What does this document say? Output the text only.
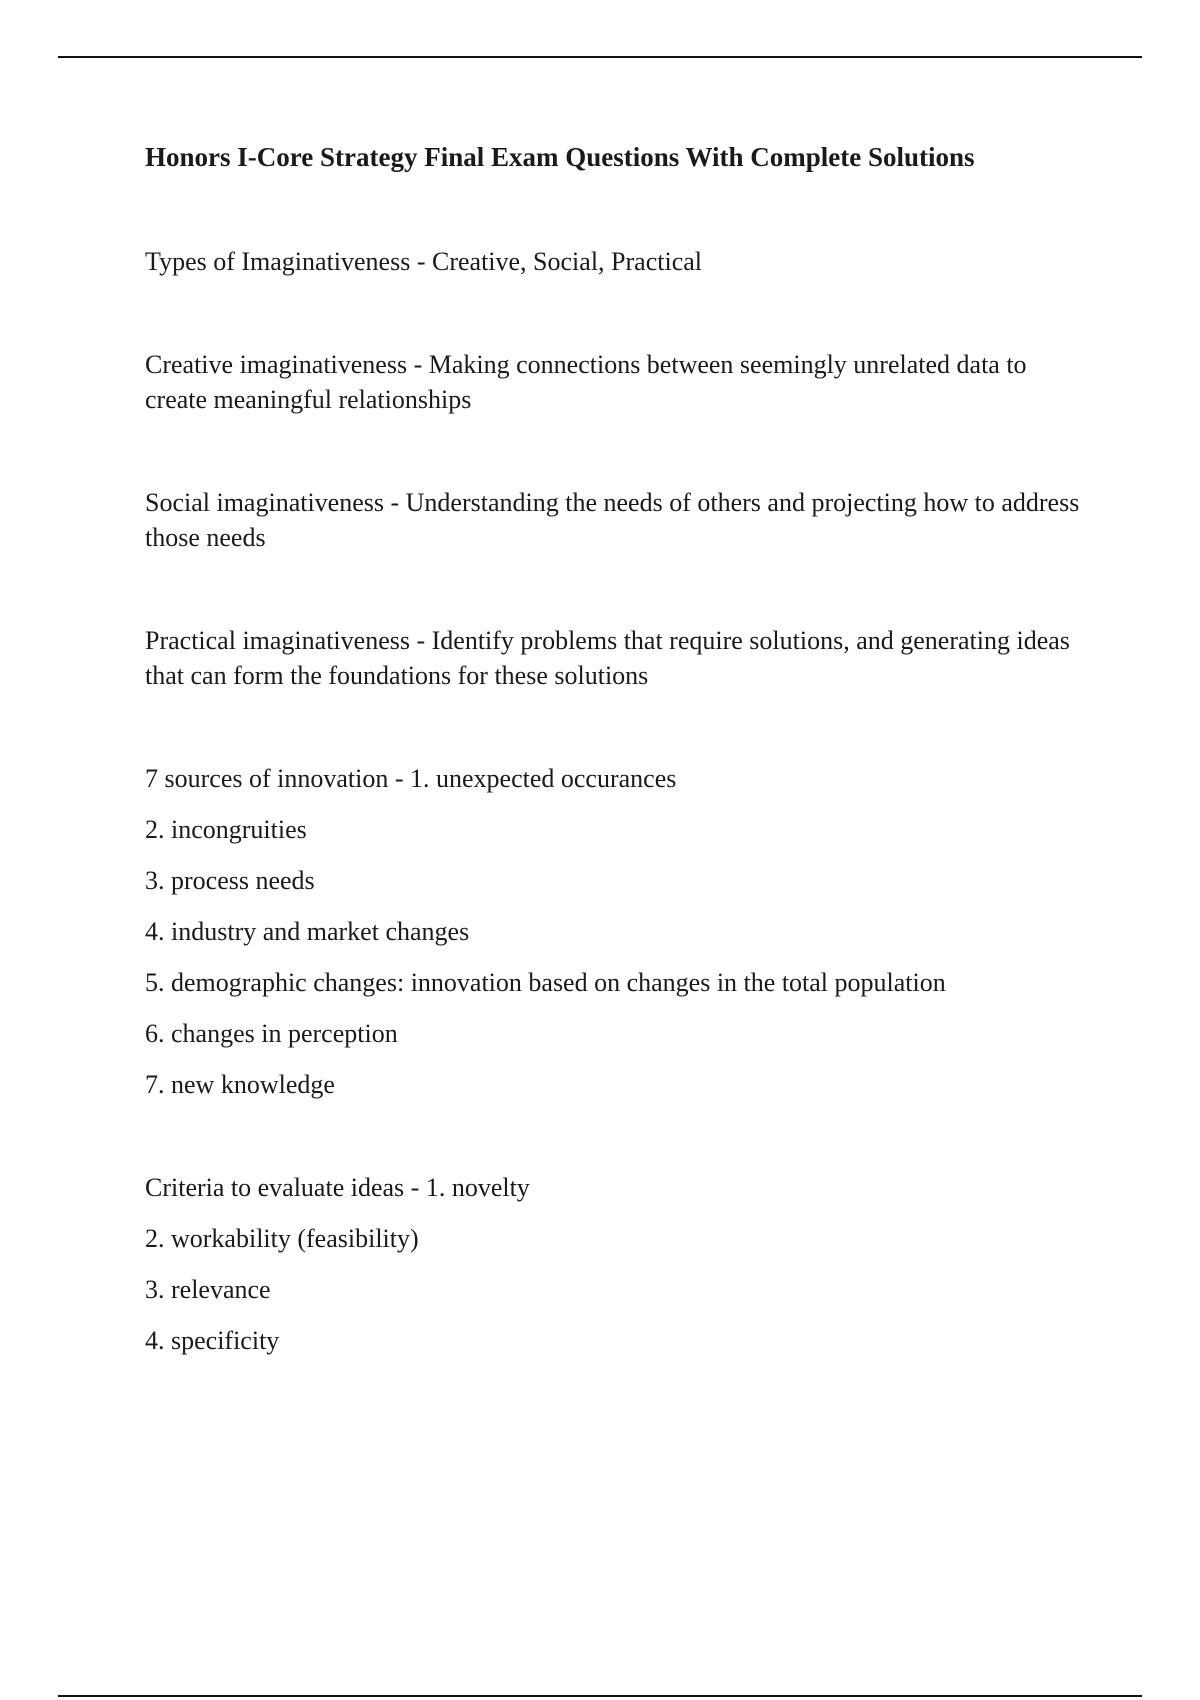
Honors I-Core Strategy Final Exam Questions With Complete Solutions

Types of Imaginativeness - Creative, Social, Practical

Creative imaginativeness - Making connections between seemingly unrelated data to create meaningful relationships

Social imaginativeness - Understanding the needs of others and projecting how to address those needs

Practical imaginativeness - Identify problems that require solutions, and generating ideas that can form the foundations for these solutions

7 sources of innovation - 1. unexpected occurances

2. incongruities

3. process needs

4. industry and market changes

5. demographic changes: innovation based on changes in the total population

6. changes in perception

7. new knowledge

Criteria to evaluate ideas - 1. novelty

2. workability (feasibility)

3. relevance

4. specificity
